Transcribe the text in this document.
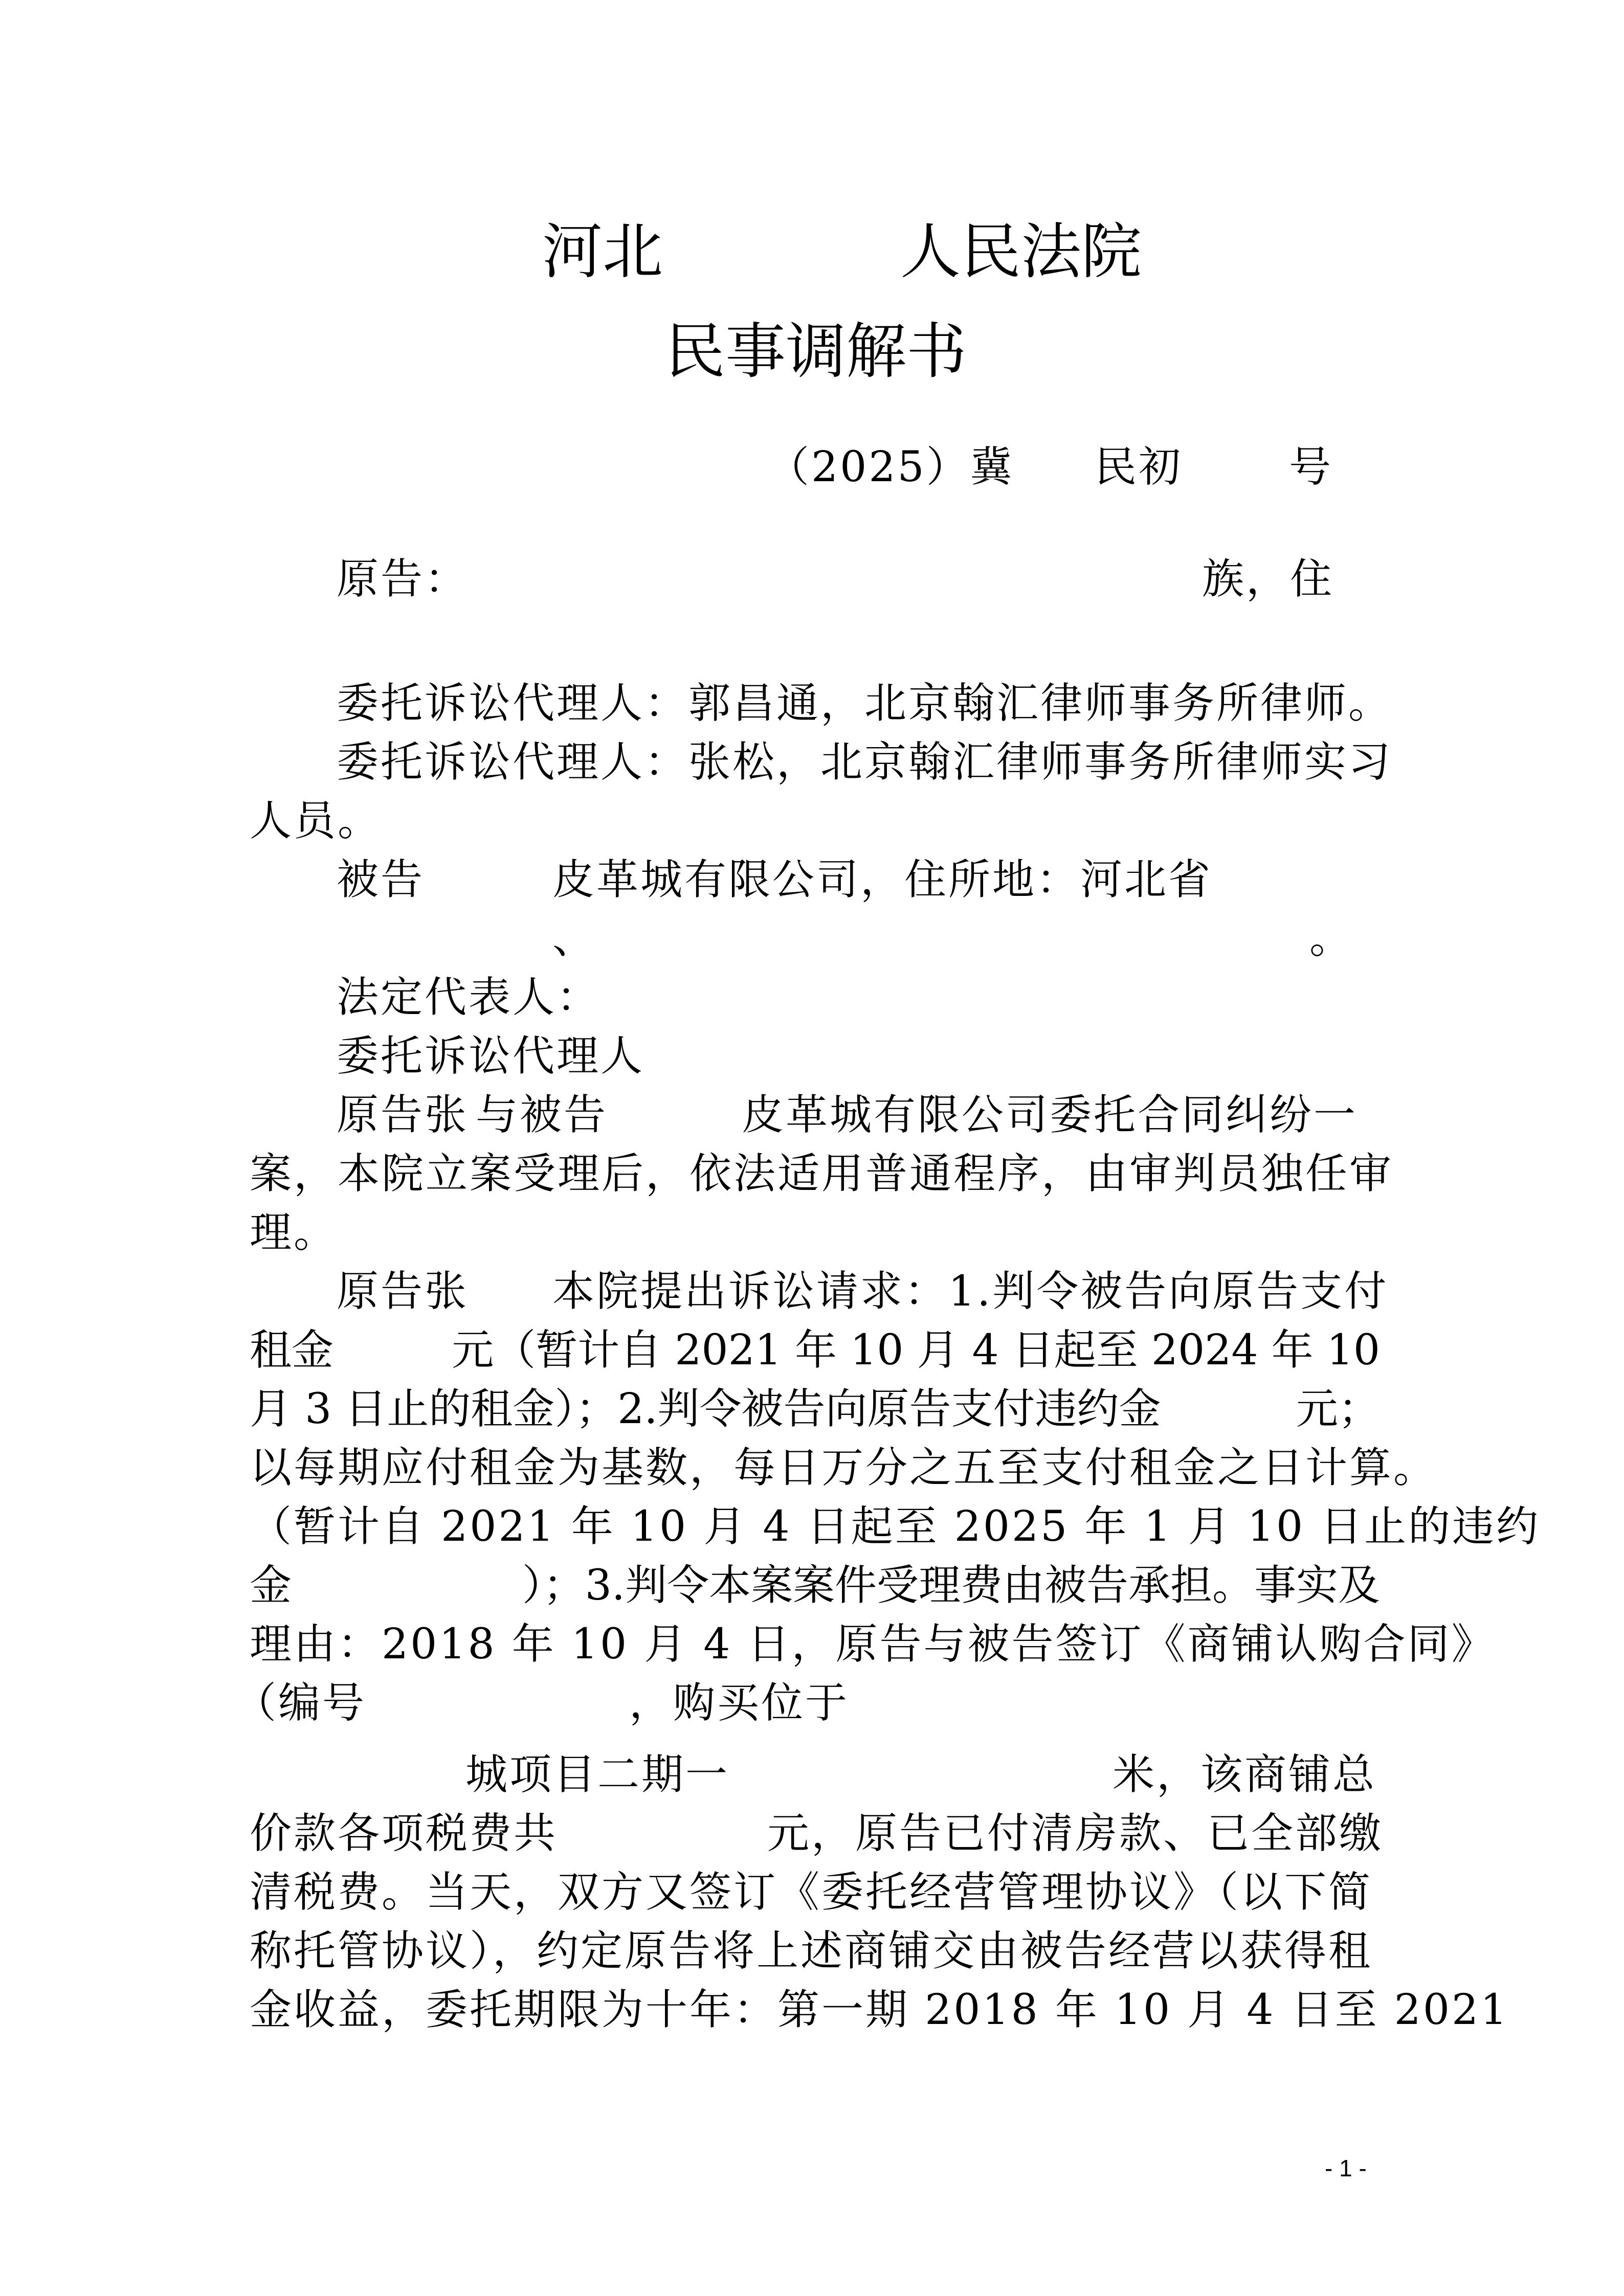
河北	人民法院
民事调解书
（2025）冀 民初	号
原告：	族，住
委托诉讼代理人：郭昌通，北京翰汇律师事务所律师。
委托诉讼代理人：张松，北京翰汇律师事务所律师实习
人员。
被告	皮革城有限公司，住所地：河北省
、	。
法定代表人：
委托诉讼代理人
原告张 与被告	皮革城有限公司委托合同纠纷一
案，本院立案受理后，依法适用普通程序，由审判员独任审
理。
原告张 本院提出诉讼请求：1.判令被告向原告支付
租金	元（暂计自 2021 年 10 月 4 日起至 2024 年 10
月 3 日止的租金）；2.判令被告向原告支付违约金	元；
以每期应付租金为基数，每日万分之五至支付租金之日计算。
（暂计自 2021 年 10 月 4 日起至 2025 年 1 月 10 日止的违约
金	）；3.判令本案案件受理费由被告承担。事实及
理由：2018 年 10 月 4 日，原告与被告签订《商铺认购合同》
（编号	，购买位于
城项目二期一	米，该商铺总
价款各项税费共	元，原告已付清房款、已全部缴
清税费。当天，双方又签订《委托经营管理协议》（以下简
称托管协议），约定原告将上述商铺交由被告经营以获得租
金收益，委托期限为十年：第一期 2018 年 10 月 4 日至 2021
- 1 -
